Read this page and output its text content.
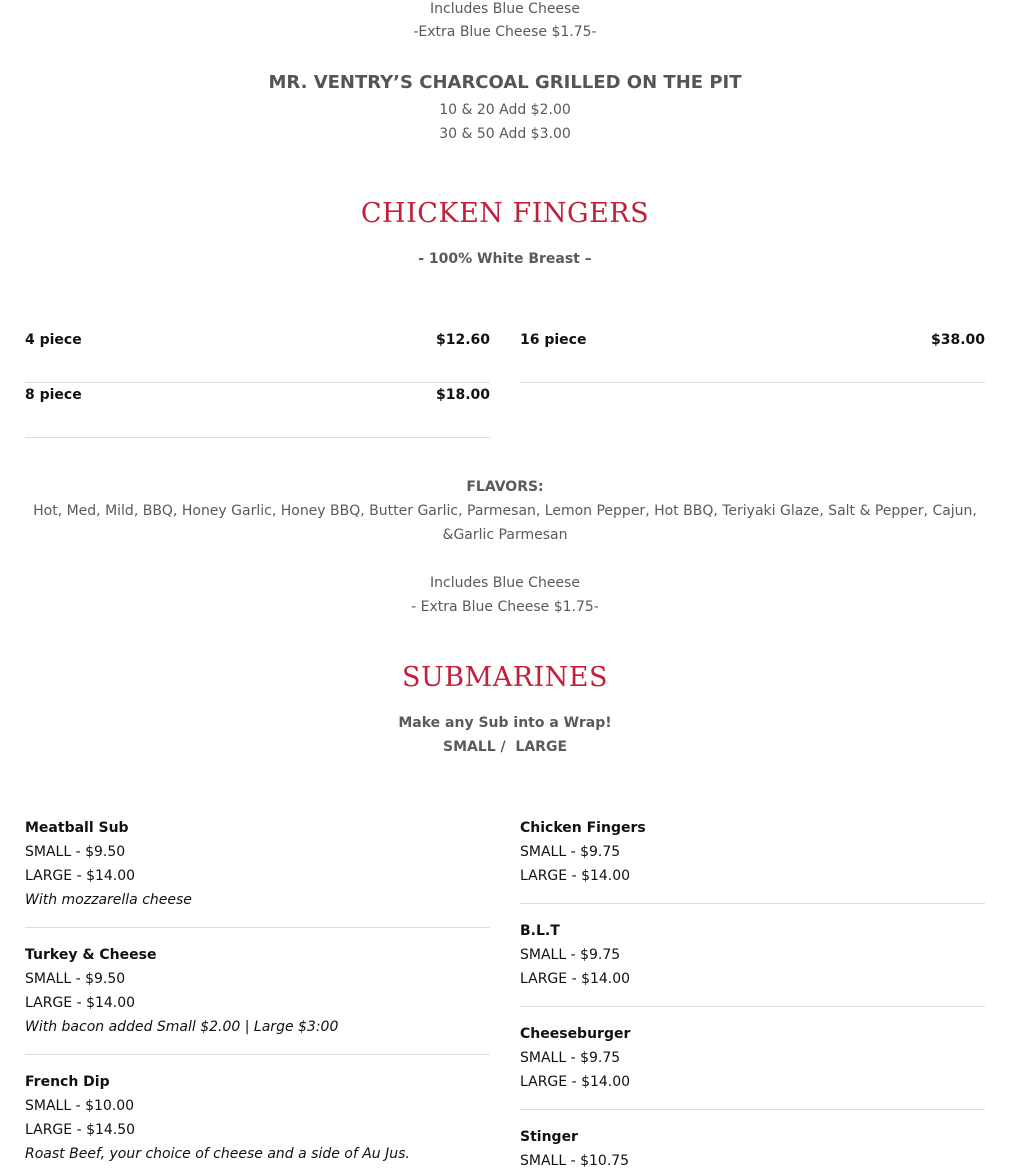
Includes Blue Cheese
-Extra Blue Cheese $1.75-
MR. VENTRY’S CHARCOAL GRILLED ON THE PIT
10 & 20 Add $2.00
30 & 50 Add $3.00
CHICKEN FINGERS
- 100% White Breast –
4 piece	$12.60
8 piece	$18.00
16 piece	$38.00
FLAVORS:
Hot, Med, Mild, BBQ, Honey Garlic, Honey BBQ, Butter Garlic, Parmesan, Lemon Pepper, Hot BBQ, Teriyaki Glaze, Salt & Pepper, Cajun, &Garlic Parmesan
Includes Blue Cheese
- Extra Blue Cheese $1.75-
SUBMARINES
Make any Sub into a Wrap!
SMALL /  LARGE
Meatball Sub
SMALL - $9.50
LARGE - $14.00
With mozzarella cheese
Turkey & Cheese
SMALL - $9.50
LARGE - $14.00
With bacon added Small $2.00 | Large $3:00
French Dip
SMALL - $10.00
LARGE - $14.50
Roast Beef, your choice of cheese and a side of Au Jus.
Chicken Fingers
SMALL - $9.75
LARGE - $14.00
B.L.T
SMALL - $9.75
LARGE - $14.00
Cheeseburger
SMALL - $9.75
LARGE - $14.00
Stinger
SMALL - $10.75
